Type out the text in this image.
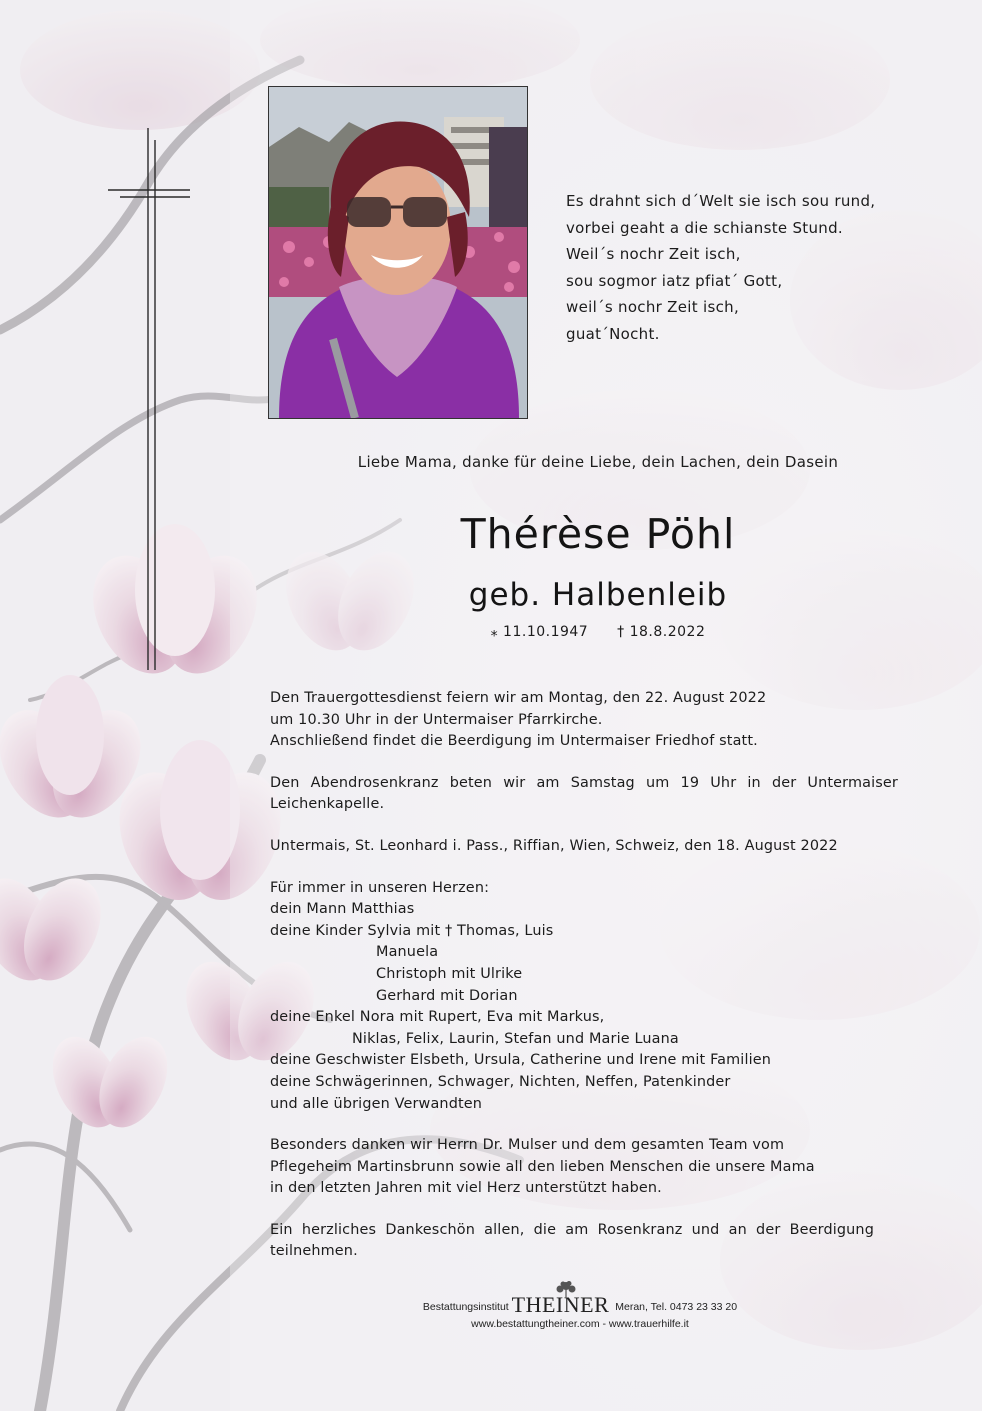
Es drahnt sich d´Welt sie isch sou rund,
vorbei geaht a die schianste Stund.
Weil´s nochr Zeit isch,
sou sogmor iatz pfiat´ Gott,
weil´s nochr Zeit isch,
guat´Nocht.
Liebe Mama, danke für deine Liebe, dein Lachen, dein Dasein
Thérèse Pöhl
geb. Halbenleib
⁎ 11.10.1947 † 18.8.2022

Den Trauergottesdienst feiern wir am Montag, den 22. August 2022
um 10.30 Uhr in der Untermaiser Pfarrkirche.
Anschließend findet die Beerdigung im Untermaiser Friedhof statt.

Den Abendrosenkranz beten wir am Samstag um 19 Uhr in der Untermaiser Leichenkapelle.

Untermais, St. Leonhard i. Pass., Riffian, Wien, Schweiz, den 18. August 2022

Für immer in unseren Herzen:
dein Mann Matthias
deine Kinder Sylvia mit † Thomas, Luis
Manuela
Christoph mit Ulrike
Gerhard mit Dorian
deine Enkel Nora mit Rupert, Eva mit Markus,
Niklas, Felix, Laurin, Stefan und Marie Luana
deine Geschwister Elsbeth, Ursula, Catherine und Irene mit Familien
deine Schwägerinnen, Schwager, Nichten, Neffen, Patenkinder
und alle übrigen Verwandten

Besonders danken wir Herrn Dr. Mulser und dem gesamten Team vom
Pflegeheim Martinsbrunn sowie all den lieben Menschen die unsere Mama
in den letzten Jahren mit viel Herz unterstützt haben.

Ein herzliches Dankeschön allen, die am Rosenkranz und an der Beerdigung teilnehmen.

Bestattungsinstitut THEINER Meran, Tel. 0473 23 33 20
www.bestattungtheiner.com - www.trauerhilfe.it
